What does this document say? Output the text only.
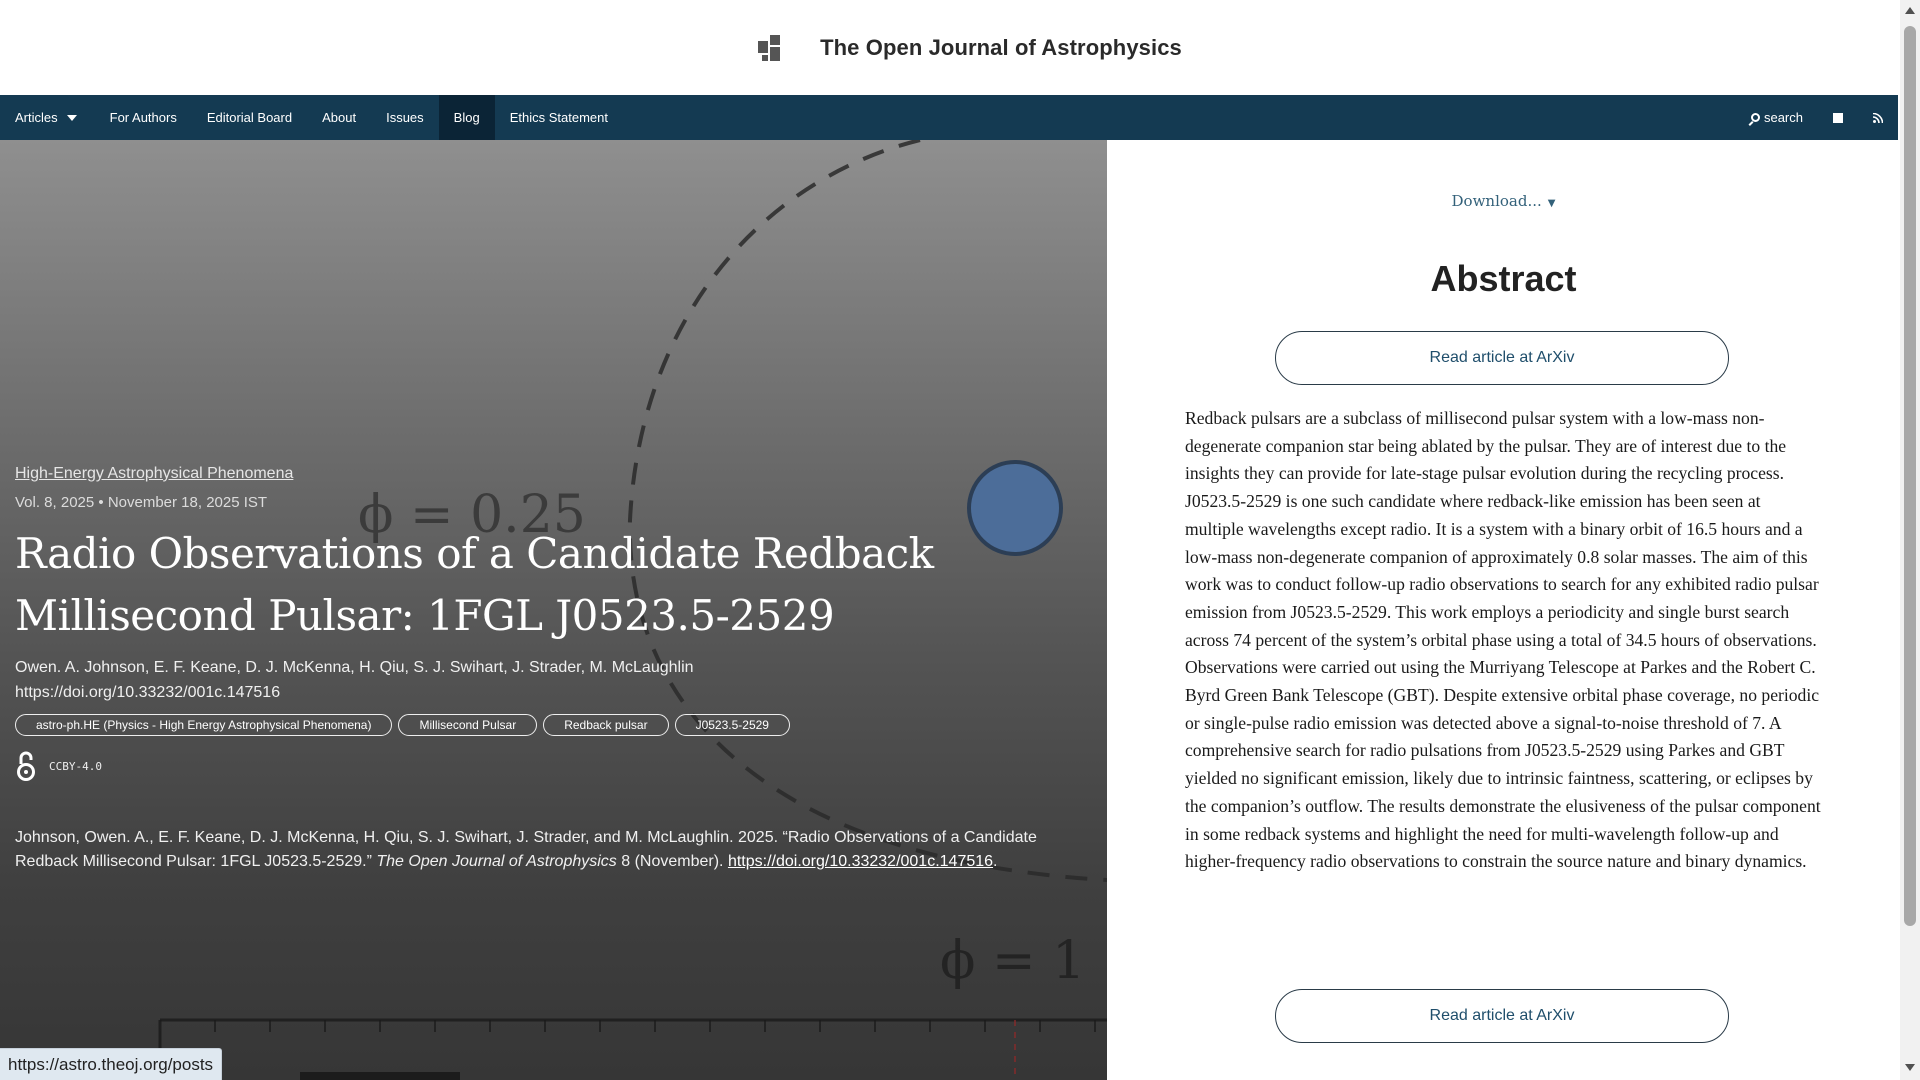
The Open Journal of Astrophysics
Articles	For Authors	Editorial Board	About	Issues	Blog	Ethics Statement	search
ϕ = 0.25
ϕ = 1
High-Energy Astrophysical Phenomena
Vol. 8, 2025 • November 18, 2025 IST
Radio Observations of a Candidate Redback Millisecond Pulsar: 1FGL J0523.5-2529
Owen. A. Johnson, E. F. Keane, D. J. McKenna, H. Qiu, S. J. Swihart, J. Strader, M. McLaughlin
https://doi.org/10.33232/001c.147516
astro-ph.HE (Physics - High Energy Astrophysical Phenomena)	Millisecond Pulsar	Redback pulsar	J0523.5-2529
CCBY-4.0

Johnson, Owen. A., E. F. Keane, D. J. McKenna, H. Qiu, S. J. Swihart, J. Strader, and M. McLaughlin. 2025. “Radio Observations of a Candidate Redback Millisecond Pulsar: 1FGL J0523.5-2529.” The Open Journal of Astrophysics 8 (November). https://doi.org/10.33232/001c.147516.

Download... ▼
Abstract
Read article at ArXiv

Redback pulsars are a subclass of millisecond pulsar system with a low-mass non-degenerate companion star being ablated by the pulsar. They are of interest due to the insights they can provide for late-stage pulsar evolution during the recycling process. J0523.5-2529 is one such candidate where redback-like emission has been seen at multiple wavelengths except radio. It is a system with a binary orbit of 16.5 hours and a low-mass non-degenerate companion of approximately 0.8 solar masses. The aim of this work was to conduct follow-up radio observations to search for any exhibited radio pulsar emission from J0523.5-2529. This work employs a periodicity and single burst search across 74 percent of the system’s orbital phase using a total of 34.5 hours of observations. Observations were carried out using the Murriyang Telescope at Parkes and the Robert C. Byrd Green Bank Telescope (GBT). Despite extensive orbital phase coverage, no periodic or single-pulse radio emission was detected above a signal-to-noise threshold of 7. A comprehensive search for radio pulsations from J0523.5-2529 using Parkes and GBT yielded no significant emission, likely due to intrinsic faintness, scattering, or eclipses by the companion’s outflow. The results demonstrate the elusiveness of the pulsar component in some redback systems and highlight the need for multi-wavelength follow-up and higher-frequency radio observations to constrain the source nature and binary dynamics.

Read article at ArXiv
https://astro.theoj.org/posts
